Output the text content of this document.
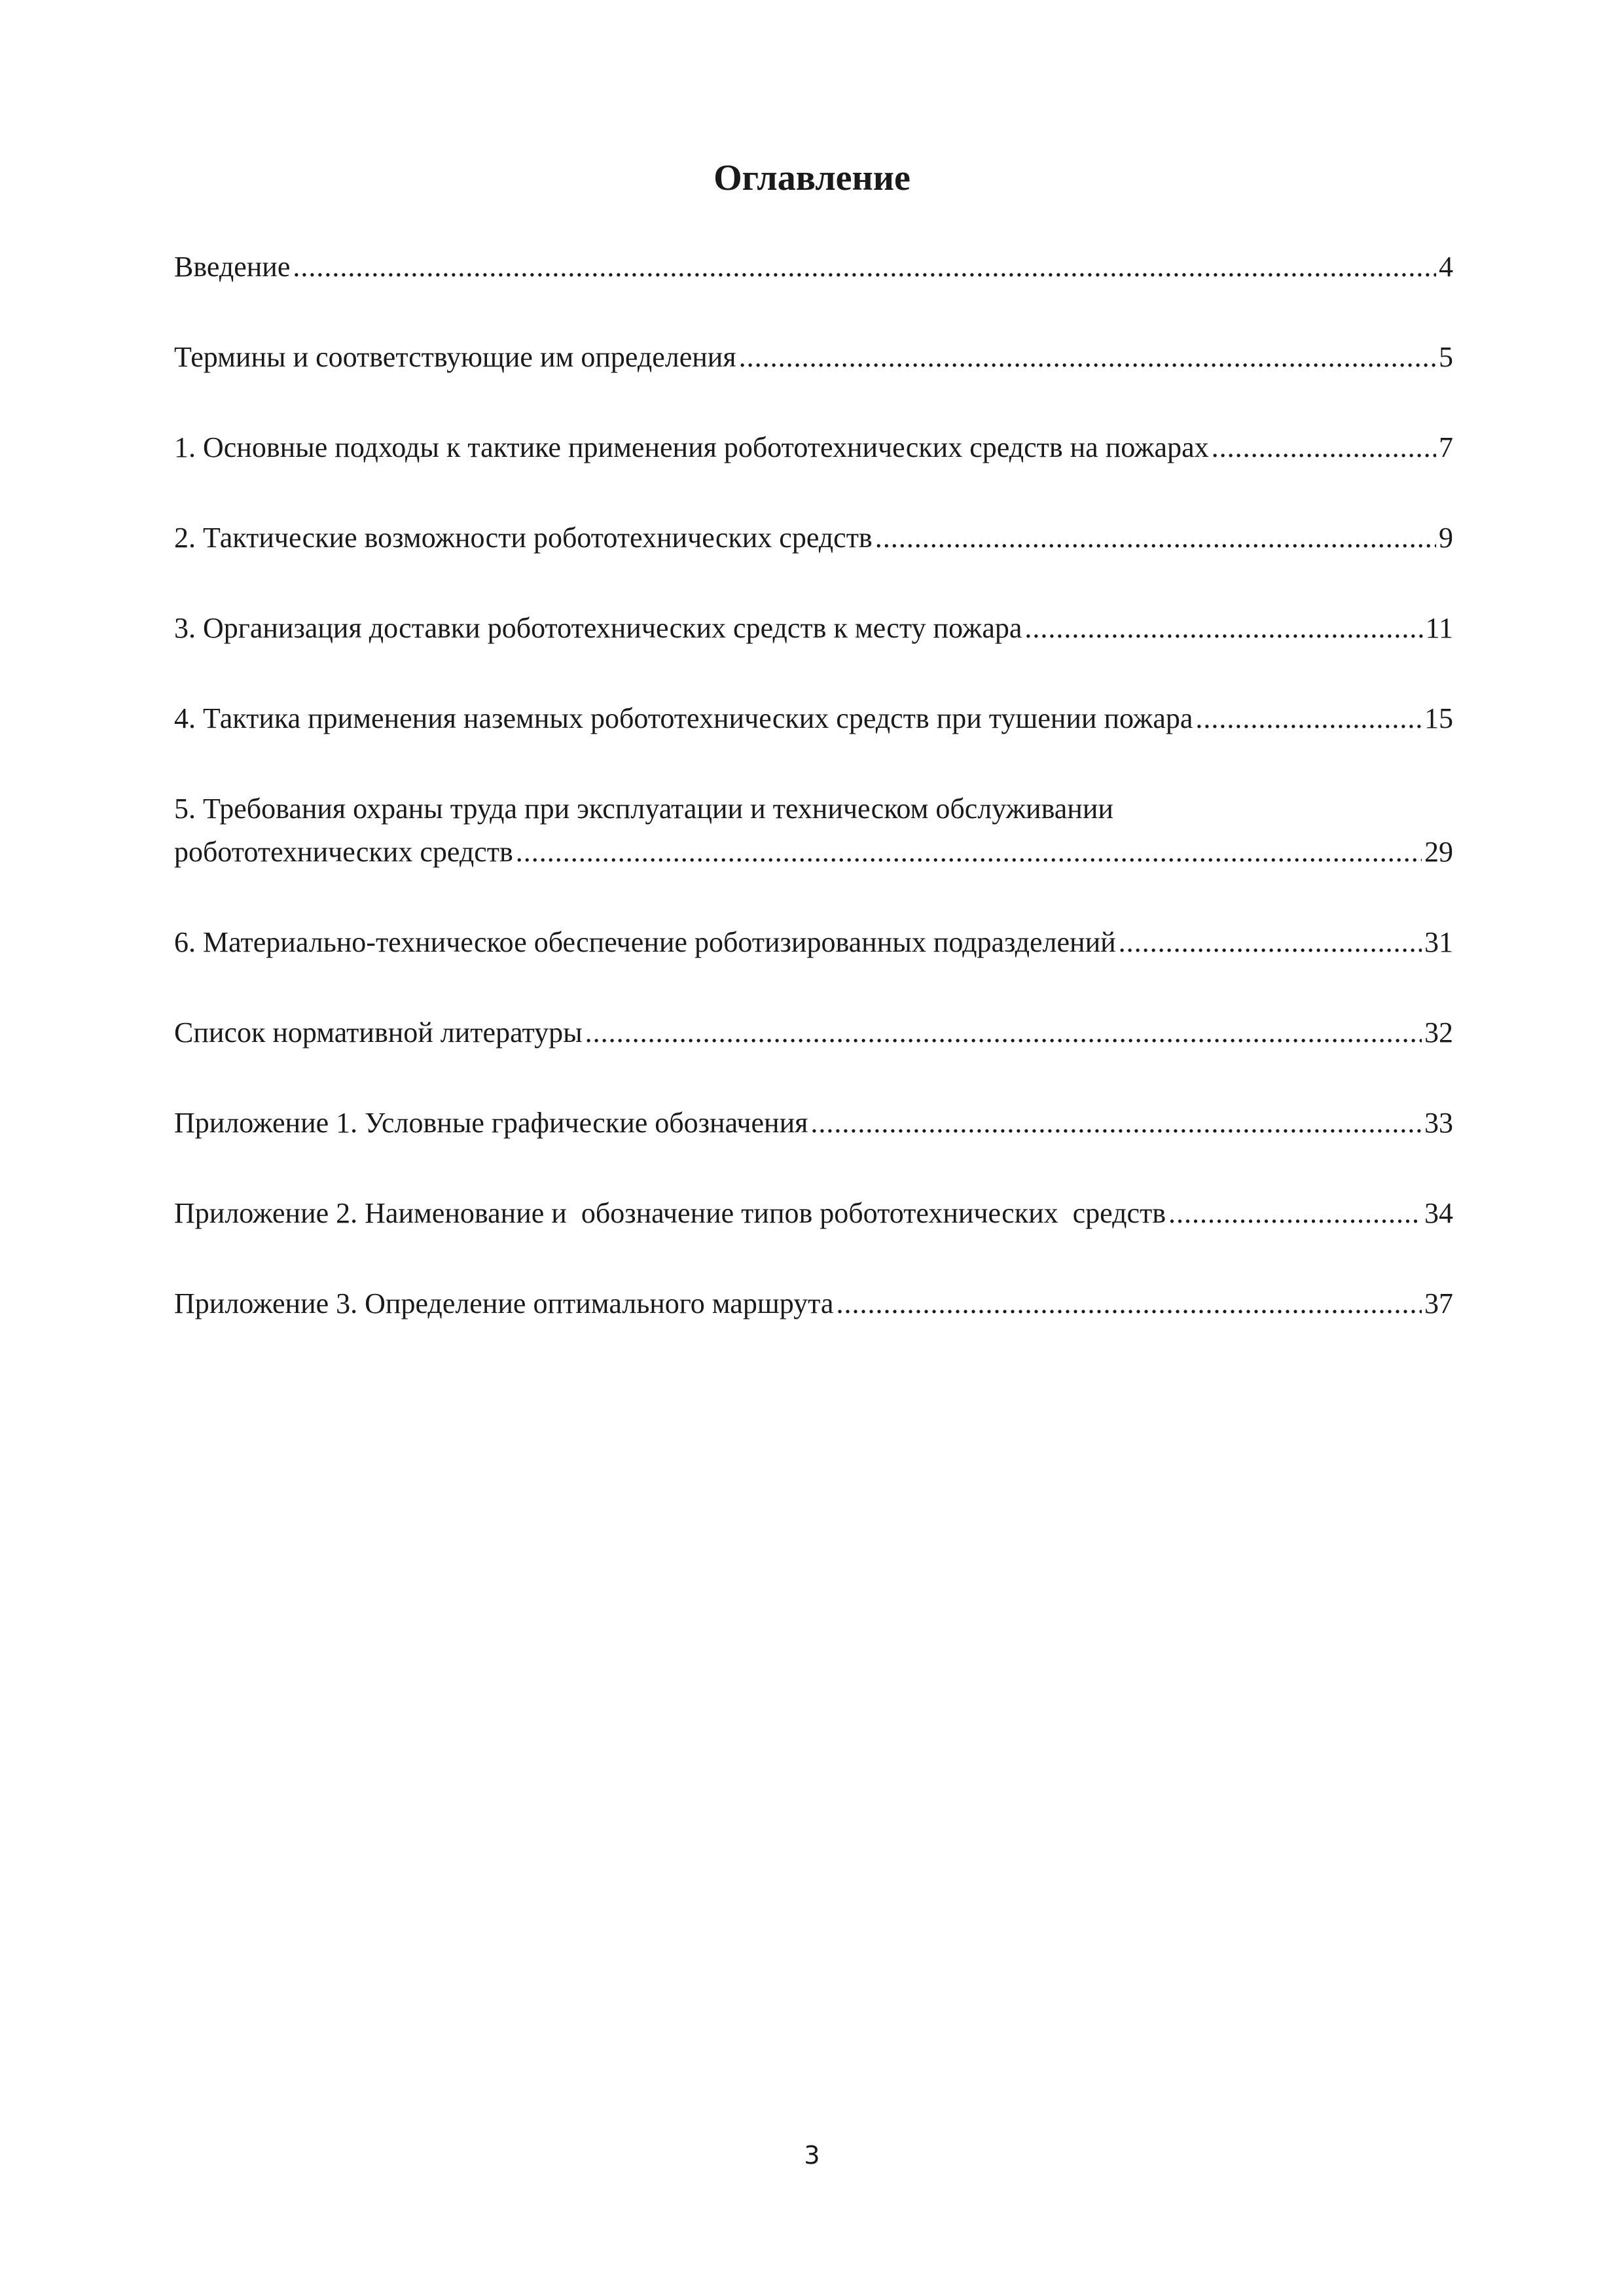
Оглавление
Введение .....	4
Термины и соответствующие им определения .....	5
1. Основные подходы к тактике применения робототехнических средств на пожарах .....	7
2. Тактические возможности робототехнических средств .....	9
3. Организация доставки робототехнических средств к месту пожара .....	11
4. Тактика применения наземных робототехнических средств при тушении пожара .....	15
5. Требования охраны труда при эксплуатации и техническом обслуживании
робототехнических средств .....	29
6. Материально-техническое обеспечение роботизированных подразделений .....	31
Список нормативной литературы .....	32
Приложение 1. Условные графические обозначения .....	33
Приложение 2. Наименование и  обозначение типов робототехнических  средств .....	34
Приложение 3. Определение оптимального маршрута .....	37
3
